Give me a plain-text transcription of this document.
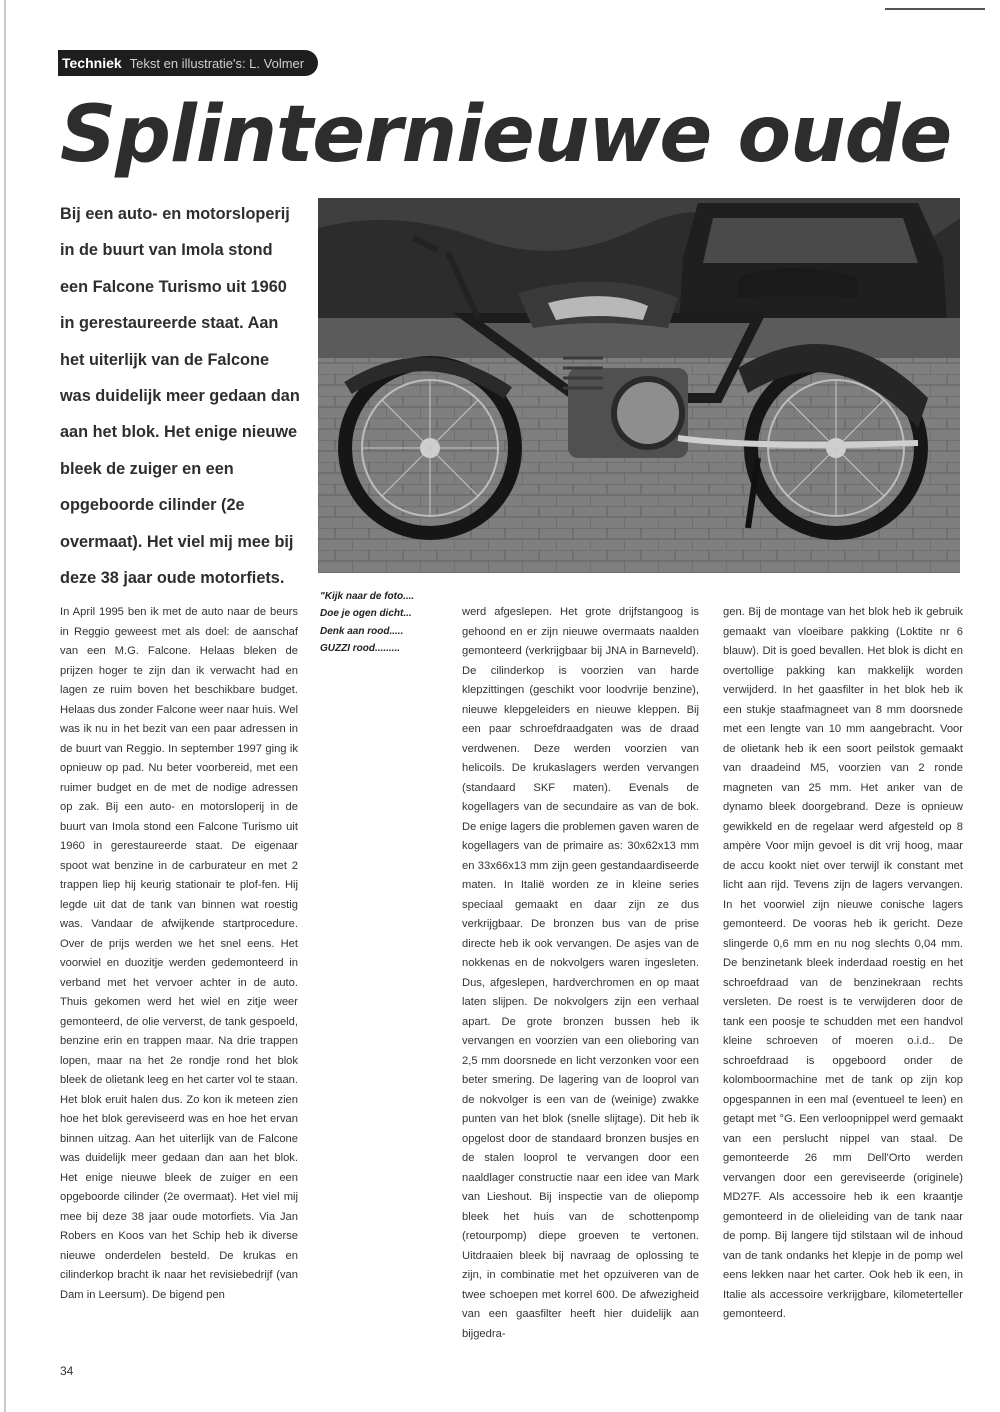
Techniek Tekst en illustratie's: L. Volmer
Splinternieuwe oude

Bij een auto- en motorsloperij in de buurt van Imola stond een Falcone Turismo uit 1960 in gerestaureerde staat. Aan het uiterlijk van de Falcone was duidelijk meer gedaan dan aan het blok. Het enige nieuwe bleek de zuiger en een opgeboorde cilinder (2e overmaat). Het viel mij mee bij deze 38 jaar oude motorfiets.

"Kijk naar de foto....
Doe je ogen dicht...
Denk aan rood.....
GUZZI rood.........

In April 1995 ben ik met de auto naar de beurs in Reggio geweest met als doel: de aanschaf van een M.G. Falcone. Helaas bleken de prijzen hoger te zijn dan ik verwacht had en lagen ze ruim boven het beschikbare budget. Helaas dus zonder Falcone weer naar huis. Wel was ik nu in het bezit van een paar adressen in de buurt van Reggio. In september 1997 ging ik opnieuw op pad. Nu beter voorbereid, met een ruimer budget en de met de nodige adressen op zak. Bij een auto- en motorsloperij in de buurt van Imola stond een Falcone Turismo uit 1960 in gerestaureerde staat. De eigenaar spoot wat benzine in de carburateur en met 2 trappen liep hij keurig stationair te plof-fen. Hij legde uit dat de tank van binnen wat roestig was. Vandaar de afwijkende startprocedure. Over de prijs werden we het snel eens. Het voorwiel en duozitje werden gedemonteerd in verband met het vervoer achter in de auto. Thuis gekomen werd het wiel en zitje weer gemonteerd, de olie ververst, de tank gespoeld, benzine erin en trappen maar. Na drie trappen lopen, maar na het 2e rondje rond het blok bleek de olietank leeg en het carter vol te staan. Het blok eruit halen dus. Zo kon ik meteen zien hoe het blok gereviseerd was en hoe het ervan binnen uitzag. Aan het uiterlijk van de Falcone was duidelijk meer gedaan dan aan het blok. Het enige nieuwe bleek de zuiger en een opgeboorde cilinder (2e overmaat). Het viel mij mee bij deze 38 jaar oude motorfiets. Via Jan Robers en Koos van het Schip heb ik diverse nieuwe onderdelen besteld. De krukas en cilinderkop bracht ik naar het revisiebedrijf (van Dam in Leersum). De bigend pen

werd afgeslepen. Het grote drijfstangoog is gehoond en er zijn nieuwe overmaats naalden gemonteerd (verkrijgbaar bij JNA in Barneveld). De cilinderkop is voorzien van harde klepzittingen (geschikt voor loodvrije benzine), nieuwe klepgeleiders en nieuwe kleppen. Bij een paar schroefdraadgaten was de draad verdwenen. Deze werden voorzien van helicoils. De krukaslagers werden vervangen (standaard SKF maten). Evenals de kogellagers van de secundaire as van de bok. De enige lagers die problemen gaven waren de kogellagers van de primaire as: 30x62x13 mm en 33x66x13 mm zijn geen gestandaardiseerde maten. In Italië worden ze in kleine series speciaal gemaakt en daar zijn ze dus verkrijgbaar. De bronzen bus van de prise directe heb ik ook vervangen. De asjes van de nokkenas en de nokvolgers waren ingesleten. Dus, afgeslepen, hardverchromen en op maat laten slijpen. De nokvolgers zijn een verhaal apart. De grote bronzen bussen heb ik vervangen en voorzien van een olieboring van 2,5 mm doorsnede en licht verzonken voor een beter smering. De lagering van de looprol van de nokvolger is een van de (weinige) zwakke punten van het blok (snelle slijtage). Dit heb ik opgelost door de standaard bronzen busjes en de stalen looprol te vervangen door een naaldlager constructie naar een idee van Mark van Lieshout. Bij inspectie van de oliepomp bleek het huis van de schottenpomp (retourpomp) diepe groeven te vertonen. Uitdraaien bleek bij navraag de oplossing te zijn, in combinatie met het opzuiveren van de twee schoepen met korrel 600. De afwezigheid van een gaasfilter heeft hier duidelijk aan bijgedra-

gen. Bij de montage van het blok heb ik gebruik gemaakt van vloeibare pakking (Loktite nr 6 blauw). Dit is goed bevallen. Het blok is dicht en overtollige pakking kan makkelijk worden verwijderd. In het gaasfilter in het blok heb ik een stukje staafmagneet van 8 mm doorsnede met een lengte van 10 mm aangebracht. Voor de olietank heb ik een soort peilstok gemaakt van draadeind M5, voorzien van 2 ronde magneten van 25 mm. Het anker van de dynamo bleek doorgebrand. Deze is opnieuw gewikkeld en de regelaar werd afgesteld op 8 ampère Voor mijn gevoel is dit vrij hoog, maar de accu kookt niet over terwijl ik constant met licht aan rijd. Tevens zijn de lagers vervangen. In het voorwiel zijn nieuwe conische lagers gemonteerd. De vooras heb ik gericht. Deze slingerde 0,6 mm en nu nog slechts 0,04 mm. De benzinetank bleek inderdaad roestig en het schroefdraad van de benzinekraan rechts versleten. De roest is te verwijderen door de tank een poosje te schudden met een handvol kleine schroeven of moeren o.i.d.. De schroefdraad is opgeboord onder de kolomboormachine met de tank op zijn kop opgespannen in een mal (eventueel te leen) en getapt met °G. Een verloopnippel werd gemaakt van een perslucht nippel van staal. De gemonteerde 26 mm Dell'Orto werden vervangen door een gereviseerde (originele) MD27F. Als accessoire heb ik een kraantje gemonteerd in de olieleiding van de tank naar de pomp. Bij langere tijd stilstaan wil de inhoud van de tank ondanks het klepje in de pomp wel eens lekken naar het carter. Ook heb ik een, in Italie als accessoire verkrijgbare, kilometerteller gemonteerd.

34
